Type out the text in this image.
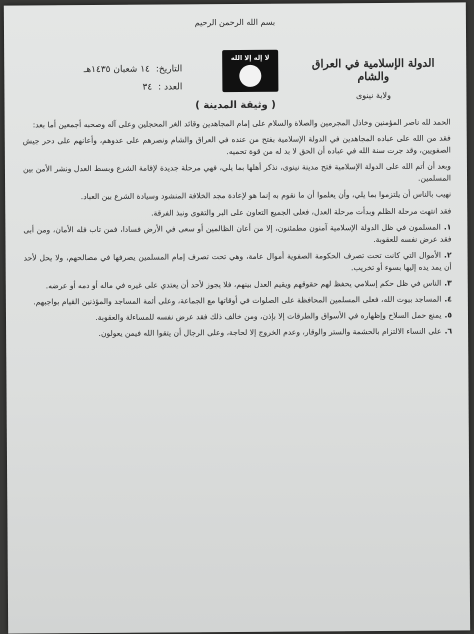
بسم الله الرحمن الرحيم
الدولة الإسلامية في العراق والشام
ولاية نينوى
لا إله إلا الله
التاريخ:
١٤ شعبان ١٤٣٥هـ
العدد :
٣٤
( وثيقة المدينة )

الحمد لله ناصر المؤمنين وخاذل المجرمين والصلاة والسلام على إمام المجاهدين وقائد الغر المحجلين وعلى آله وصحبه أجمعين أما بعد:

فقد من الله على عباده المجاهدين في الدولة الإسلامية بفتح من عنده في العراق والشام ونصرهم على عدوهم، وأعانهم على دحر جيش الصفويين، وقد جرت سنة الله في عباده أن الحق لا بد له من قوة تحميه.

وبعد أن أتم الله على الدولة الإسلامية فتح مدينة نينوى، نذكر أهلها بما يلي، فهي مرحلة جديدة لإقامة الشرع وبسط العدل ونشر الأمن بين المسلمين.

نهيب بالناس أن يلتزموا بما يلي، وأن يعلموا أن ما نقوم به إنما هو لإعادة مجد الخلافة المنشود وسيادة الشرع بين العباد.

فقد انتهت مرحلة الظلم وبدأت مرحلة العدل، فعلى الجميع التعاون على البر والتقوى ونبذ الفرقة.

١.المسلمون في ظل الدولة الإسلامية آمنون مطمئنون، إلا من أعان الظالمين أو سعى في الأرض فسادا، فمن تاب فله الأمان، ومن أبى فقد عرض نفسه للعقوبة.

٢.الأموال التي كانت تحت تصرف الحكومة الصفوية أموال عامة، وهي تحت تصرف إمام المسلمين يصرفها في مصالحهم، ولا يحل لأحد أن يمد يده إليها بسوء أو تخريب.

٣.الناس في ظل حكم إسلامي يحفظ لهم حقوقهم ويقيم العدل بينهم، فلا يجوز لأحد أن يعتدي على غيره في ماله أو دمه أو عرضه.

٤.المساجد بيوت الله، فعلى المسلمين المحافظة على الصلوات في أوقاتها مع الجماعة، وعلى أئمة المساجد والمؤذنين القيام بواجبهم.

٥.يمنع حمل السلاح وإظهاره في الأسواق والطرقات إلا بإذن، ومن خالف ذلك فقد عرض نفسه للمساءلة والعقوبة.

٦.على النساء الالتزام بالحشمة والستر والوقار، وعدم الخروج إلا لحاجة، وعلى الرجال أن يتقوا الله فيمن يعولون.
